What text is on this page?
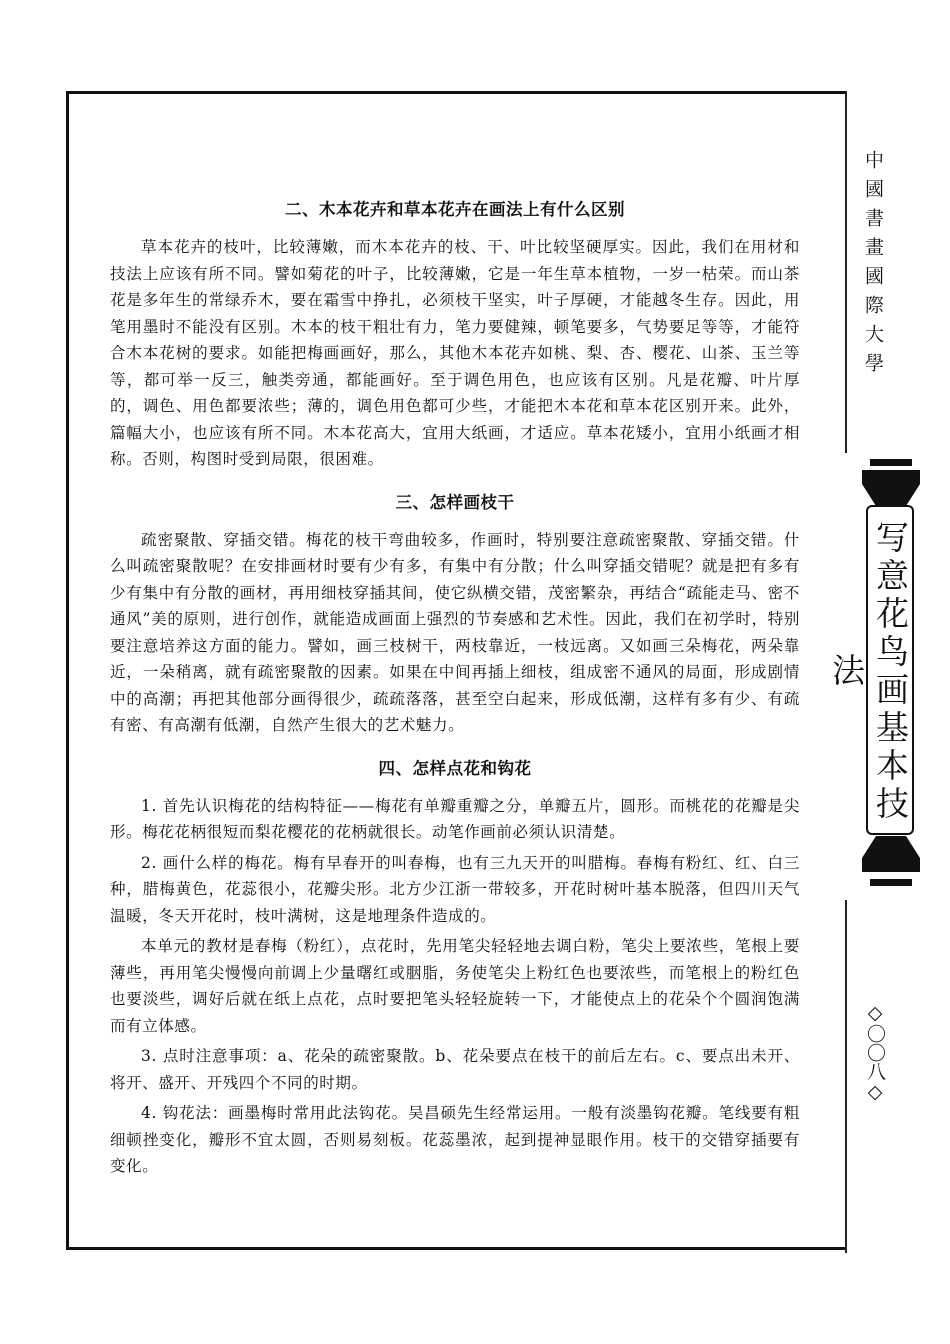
二、木本花卉和草本花卉在画法上有什么区别

草本花卉的枝叶，比较薄嫩，而木本花卉的枝、干、叶比较坚硬厚实。因此，我们在用材和技法上应该有所不同。譬如菊花的叶子，比较薄嫩，它是一年生草本植物，一岁一枯荣。而山茶花是多年生的常绿乔木，要在霜雪中挣扎，必须枝干坚实，叶子厚硬，才能越冬生存。因此，用笔用墨时不能没有区别。木本的枝干粗壮有力，笔力要健辣，顿笔要多，气势要足等等，才能符合木本花树的要求。如能把梅画画好，那么，其他木本花卉如桃、梨、杏、樱花、山茶、玉兰等等，都可举一反三，触类旁通，都能画好。至于调色用色，也应该有区别。凡是花瓣、叶片厚的，调色、用色都要浓些；薄的，调色用色都可少些，才能把木本花和草本花区别开来。此外，篇幅大小，也应该有所不同。木本花高大，宜用大纸画，才适应。草本花矮小，宜用小纸画才相称。否则，构图时受到局限，很困难。

三、怎样画枝干

疏密聚散、穿插交错。梅花的枝干弯曲较多，作画时，特别要注意疏密聚散、穿插交错。什么叫疏密聚散呢？在安排画材时要有少有多，有集中有分散；什么叫穿插交错呢？就是把有多有少有集中有分散的画材，再用细枝穿插其间，使它纵横交错，茂密繁杂，再结合“疏能走马、密不通风”美的原则，进行创作，就能造成画面上强烈的节奏感和艺术性。因此，我们在初学时，特别要注意培养这方面的能力。譬如，画三枝树干，两枝靠近，一枝远离。又如画三朵梅花，两朵靠近，一朵稍离，就有疏密聚散的因素。如果在中间再插上细枝，组成密不通风的局面，形成剧情中的高潮；再把其他部分画得很少，疏疏落落，甚至空白起来，形成低潮，这样有多有少、有疏有密、有高潮有低潮，自然产生很大的艺术魅力。

四、怎样点花和钩花

1. 首先认识梅花的结构特征——梅花有单瓣重瓣之分，单瓣五片，圆形。而桃花的花瓣是尖形。梅花花柄很短而梨花樱花的花柄就很长。动笔作画前必须认识清楚。

2. 画什么样的梅花。梅有早春开的叫春梅，也有三九天开的叫腊梅。春梅有粉红、红、白三种，腊梅黄色，花蕊很小，花瓣尖形。北方少江浙一带较多，开花时树叶基本脱落，但四川天气温暖，冬天开花时，枝叶满树，这是地理条件造成的。

本单元的教材是春梅（粉红），点花时，先用笔尖轻轻地去调白粉，笔尖上要浓些，笔根上要薄些，再用笔尖慢慢向前调上少量曙红或胭脂，务使笔尖上粉红色也要浓些，而笔根上的粉红色也要淡些，调好后就在纸上点花，点时要把笔头轻轻旋转一下，才能使点上的花朵个个圆润饱满而有立体感。

3. 点时注意事项：a、花朵的疏密聚散。b、花朵要点在枝干的前后左右。c、要点出未开、将开、盛开、开残四个不同的时期。

4. 钩花法：画墨梅时常用此法钩花。吴昌硕先生经常运用。一般有淡墨钩花瓣。笔线要有粗细顿挫变化，瓣形不宜太圆，否则易刻板。花蕊墨浓，起到提神显眼作用。枝干的交错穿插要有变化。

中國書畫國際大學
写意花鸟画基本技法
◇〇〇八◇
